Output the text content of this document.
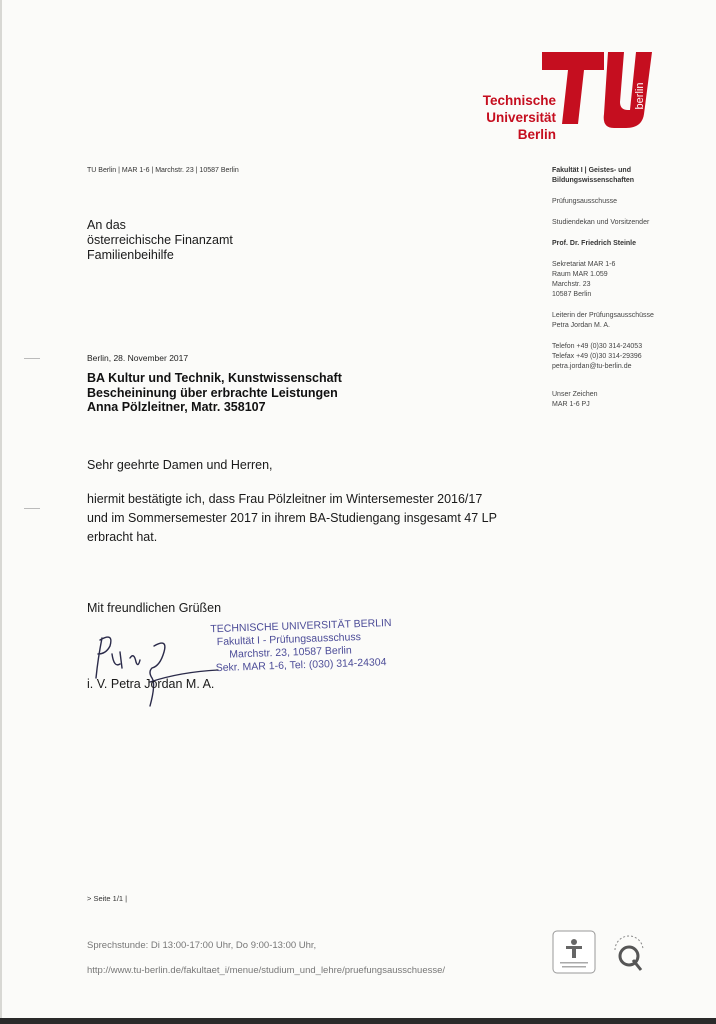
Technische
Universität
Berlin
berlin
TU Berlin | MAR 1-6 | Marchstr. 23 | 10587 Berlin
An das
österreichische Finanzamt
Familienbeihilfe
Fakultät I | Geistes- und
Bildungswissenschaften
Prüfungsausschusse
Studiendekan und Vorsitzender
Prof. Dr. Friedrich Steinle
Sekretariat MAR 1-6
Raum MAR 1.059
Marchstr. 23
10587 Berlin
Leiterin der Prüfungsausschüsse
Petra Jordan M. A.
Telefon +49 (0)30 314-24053
Telefax +49 (0)30 314-29396
petra.jordan@tu-berlin.de
Unser Zeichen
MAR 1-6 PJ
Berlin, 28. November 2017
BA Kultur und Technik, Kunstwissenschaft
Bescheininung über erbrachte Leistungen
Anna Pölzleitner, Matr. 358107
Sehr geehrte Damen und Herren,
hiermit bestätigte ich, dass Frau Pölzleitner im Wintersemester 2016/17
und im Sommersemester 2017 in ihrem BA-Studiengang insgesamt 47 LP
erbracht hat.
Mit freundlichen Grüßen
TECHNISCHE UNIVERSITÄT BERLIN
Fakultät I - Prüfungsausschuss
Marchstr. 23, 10587 Berlin
Sekr. MAR 1-6, Tel: (030) 314-24304
i. V. Petra Jordan M. A.
> Seite 1/1 |
Sprechstunde: Di 13:00-17:00 Uhr, Do 9:00-13:00 Uhr,
http://www.tu-berlin.de/fakultaet_i/menue/studium_und_lehre/pruefungsausschuesse/
